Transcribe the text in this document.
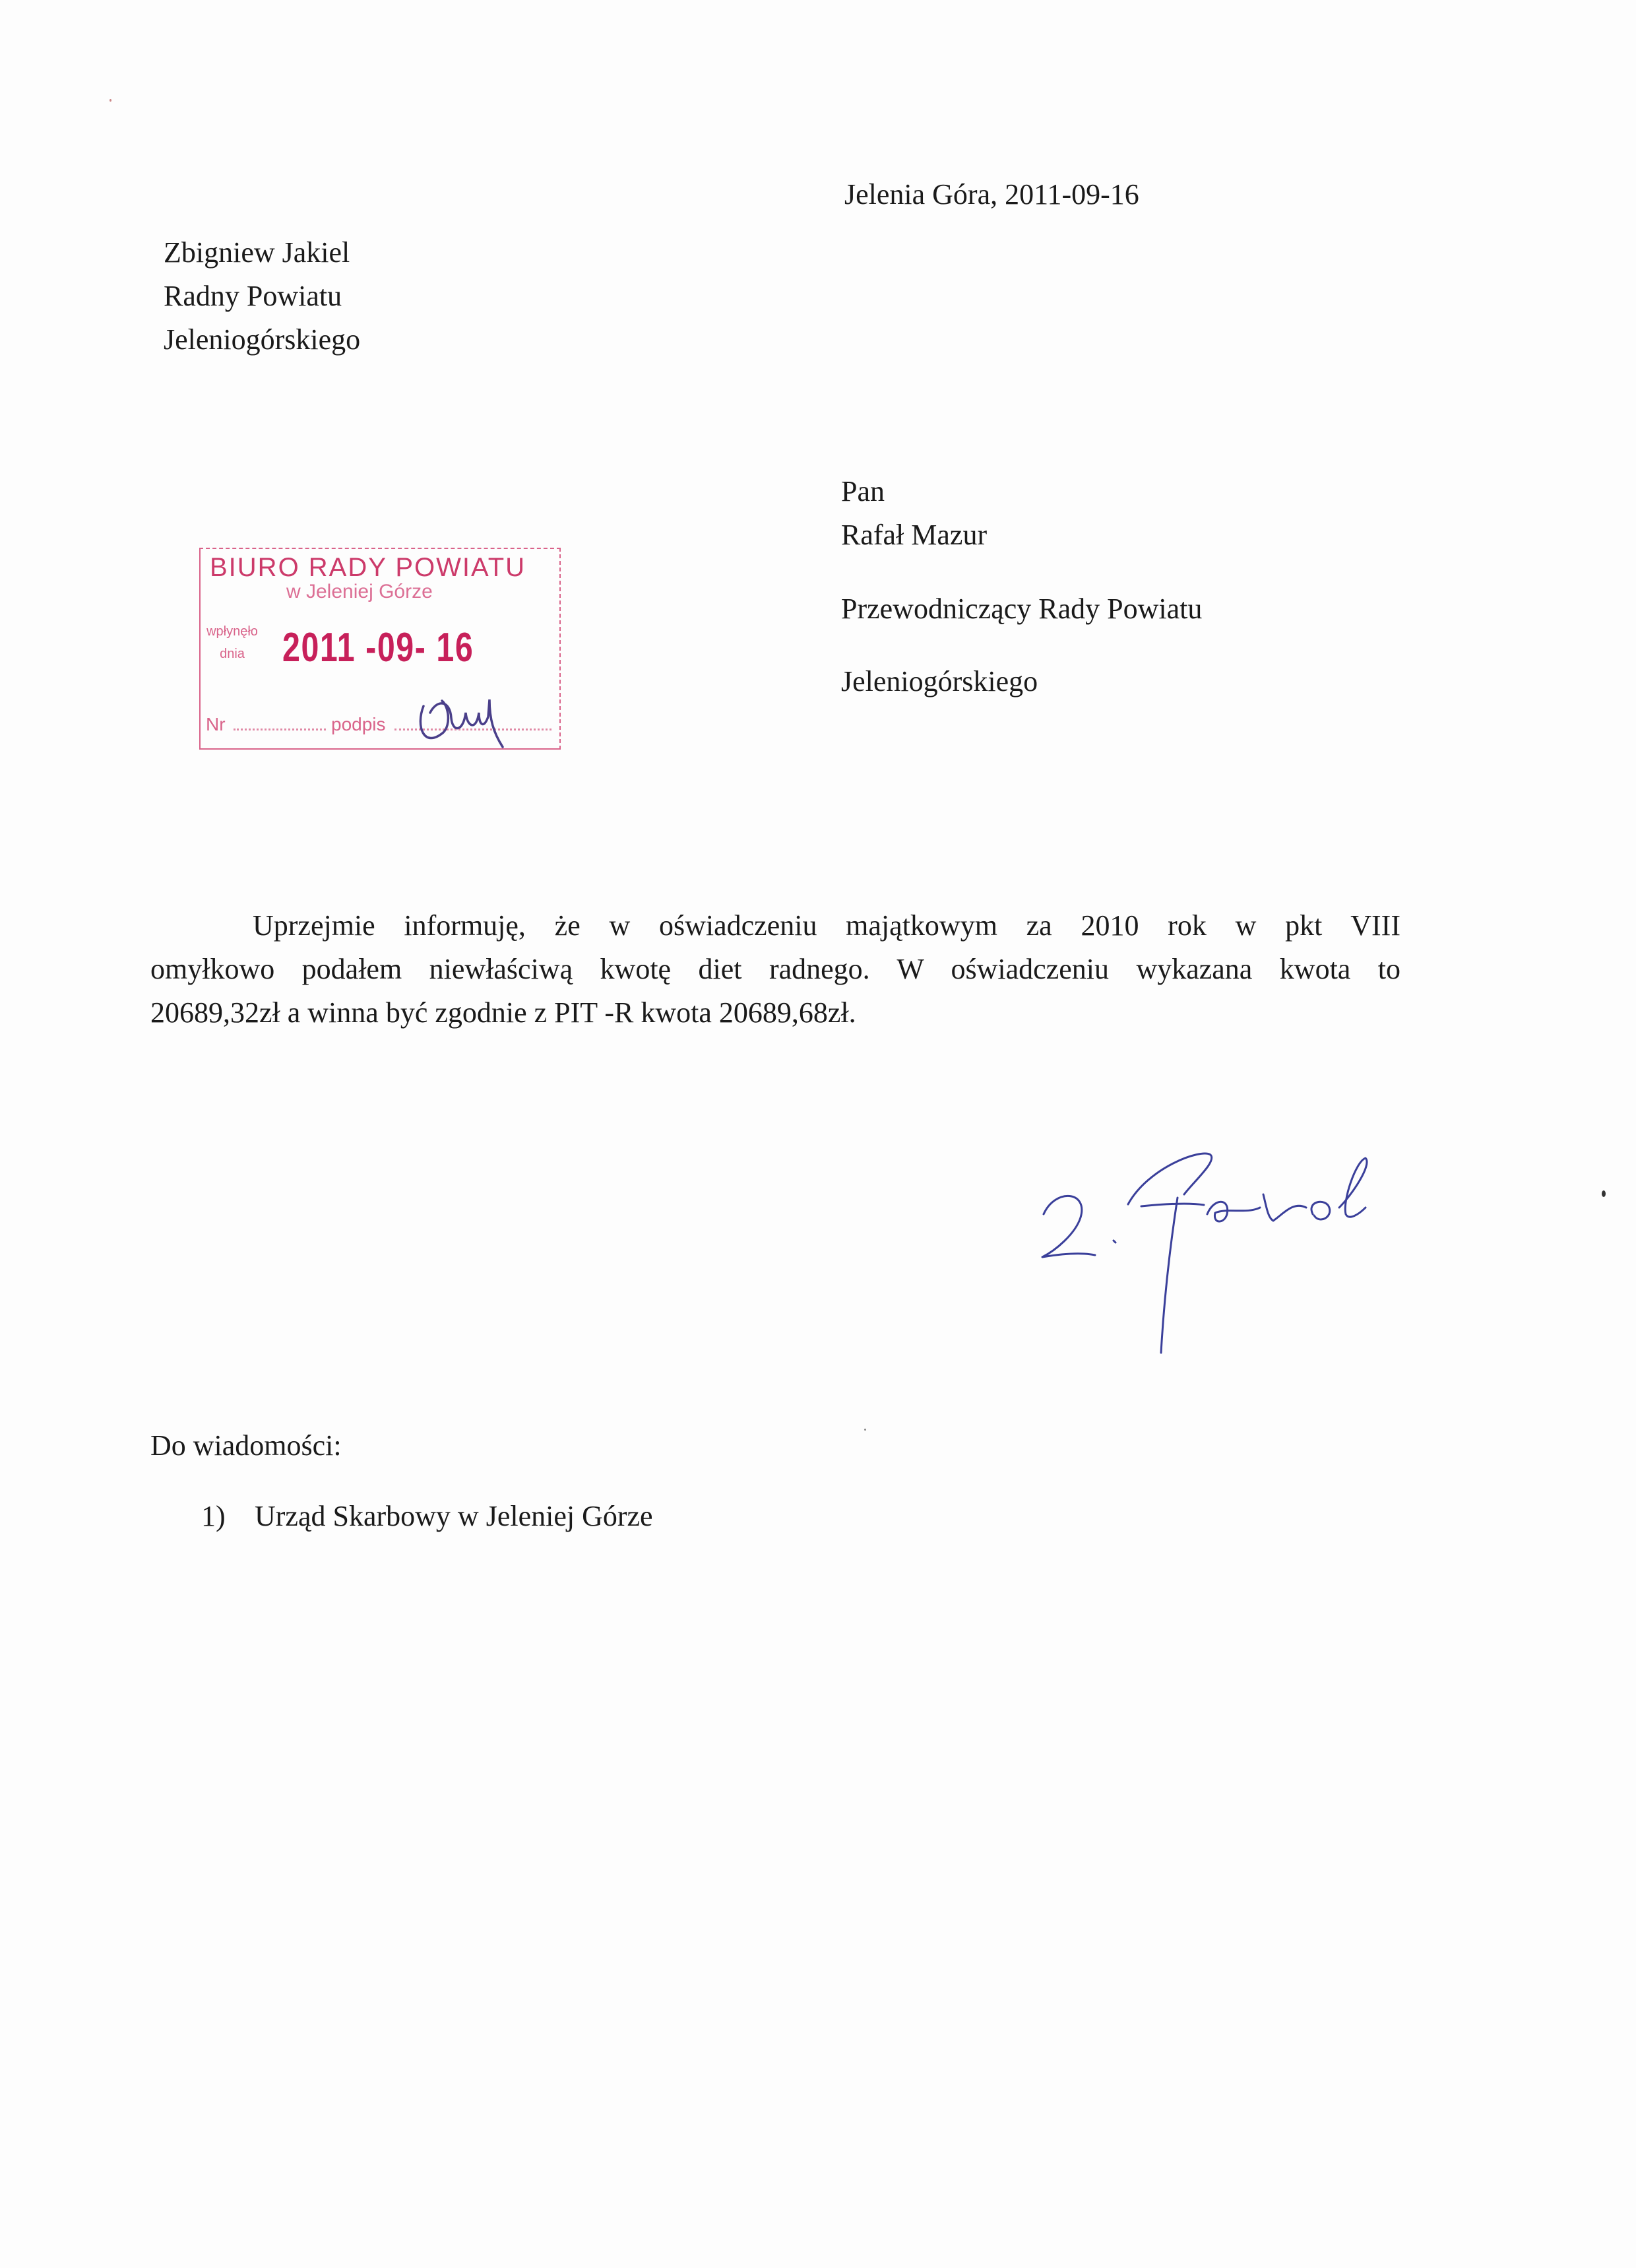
Jelenia Góra, 2011-09-16
Zbigniew Jakiel
Radny Powiatu
Jeleniogórskiego
Pan
Rafał Mazur
Przewodniczący Rady Powiatu
Jeleniogórskiego
BIURO RADY POWIATU
w Jeleniej Górze
wpłynęło
dnia 2011 -09- 16
Nr	podpis
Uprzejmie informuję, że w oświadczeniu majątkowym za 2010 rok w pkt VIII
omyłkowo podałem niewłaściwą kwotę diet radnego. W oświadczeniu wykazana kwota to
20689,32zł a winna być zgodnie z PIT -R kwota 20689,68zł.
Do wiadomości:
1) Urząd Skarbowy w Jeleniej Górze
